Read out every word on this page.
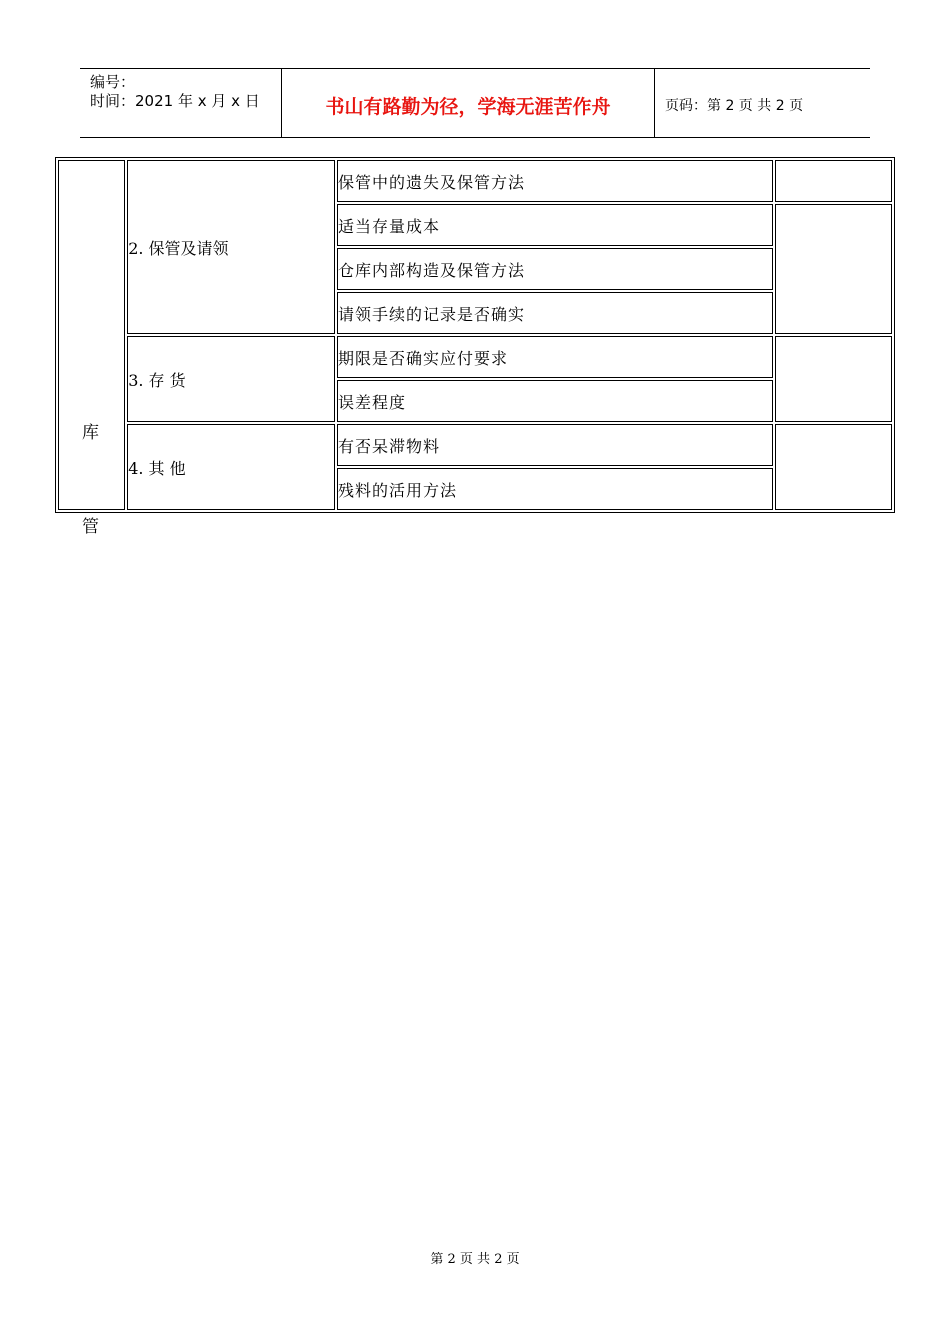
编号：
时间：2021 年 x 月 x 日	书山有路勤为径，学海无涯苦作舟	页码：第 2 页 共 2 页
	2. 保管及请领	保管中的遗失及保管方法	
		适当存量成本	
		仓库内部构造及保管方法	
		请领手续的记录是否确实	
	3. 存 货	期限是否确实应付要求	
		误差程度	
	4. 其 他	有否呆滞物料	
		残料的活用方法	
库
管
第 2 页 共 2 页
